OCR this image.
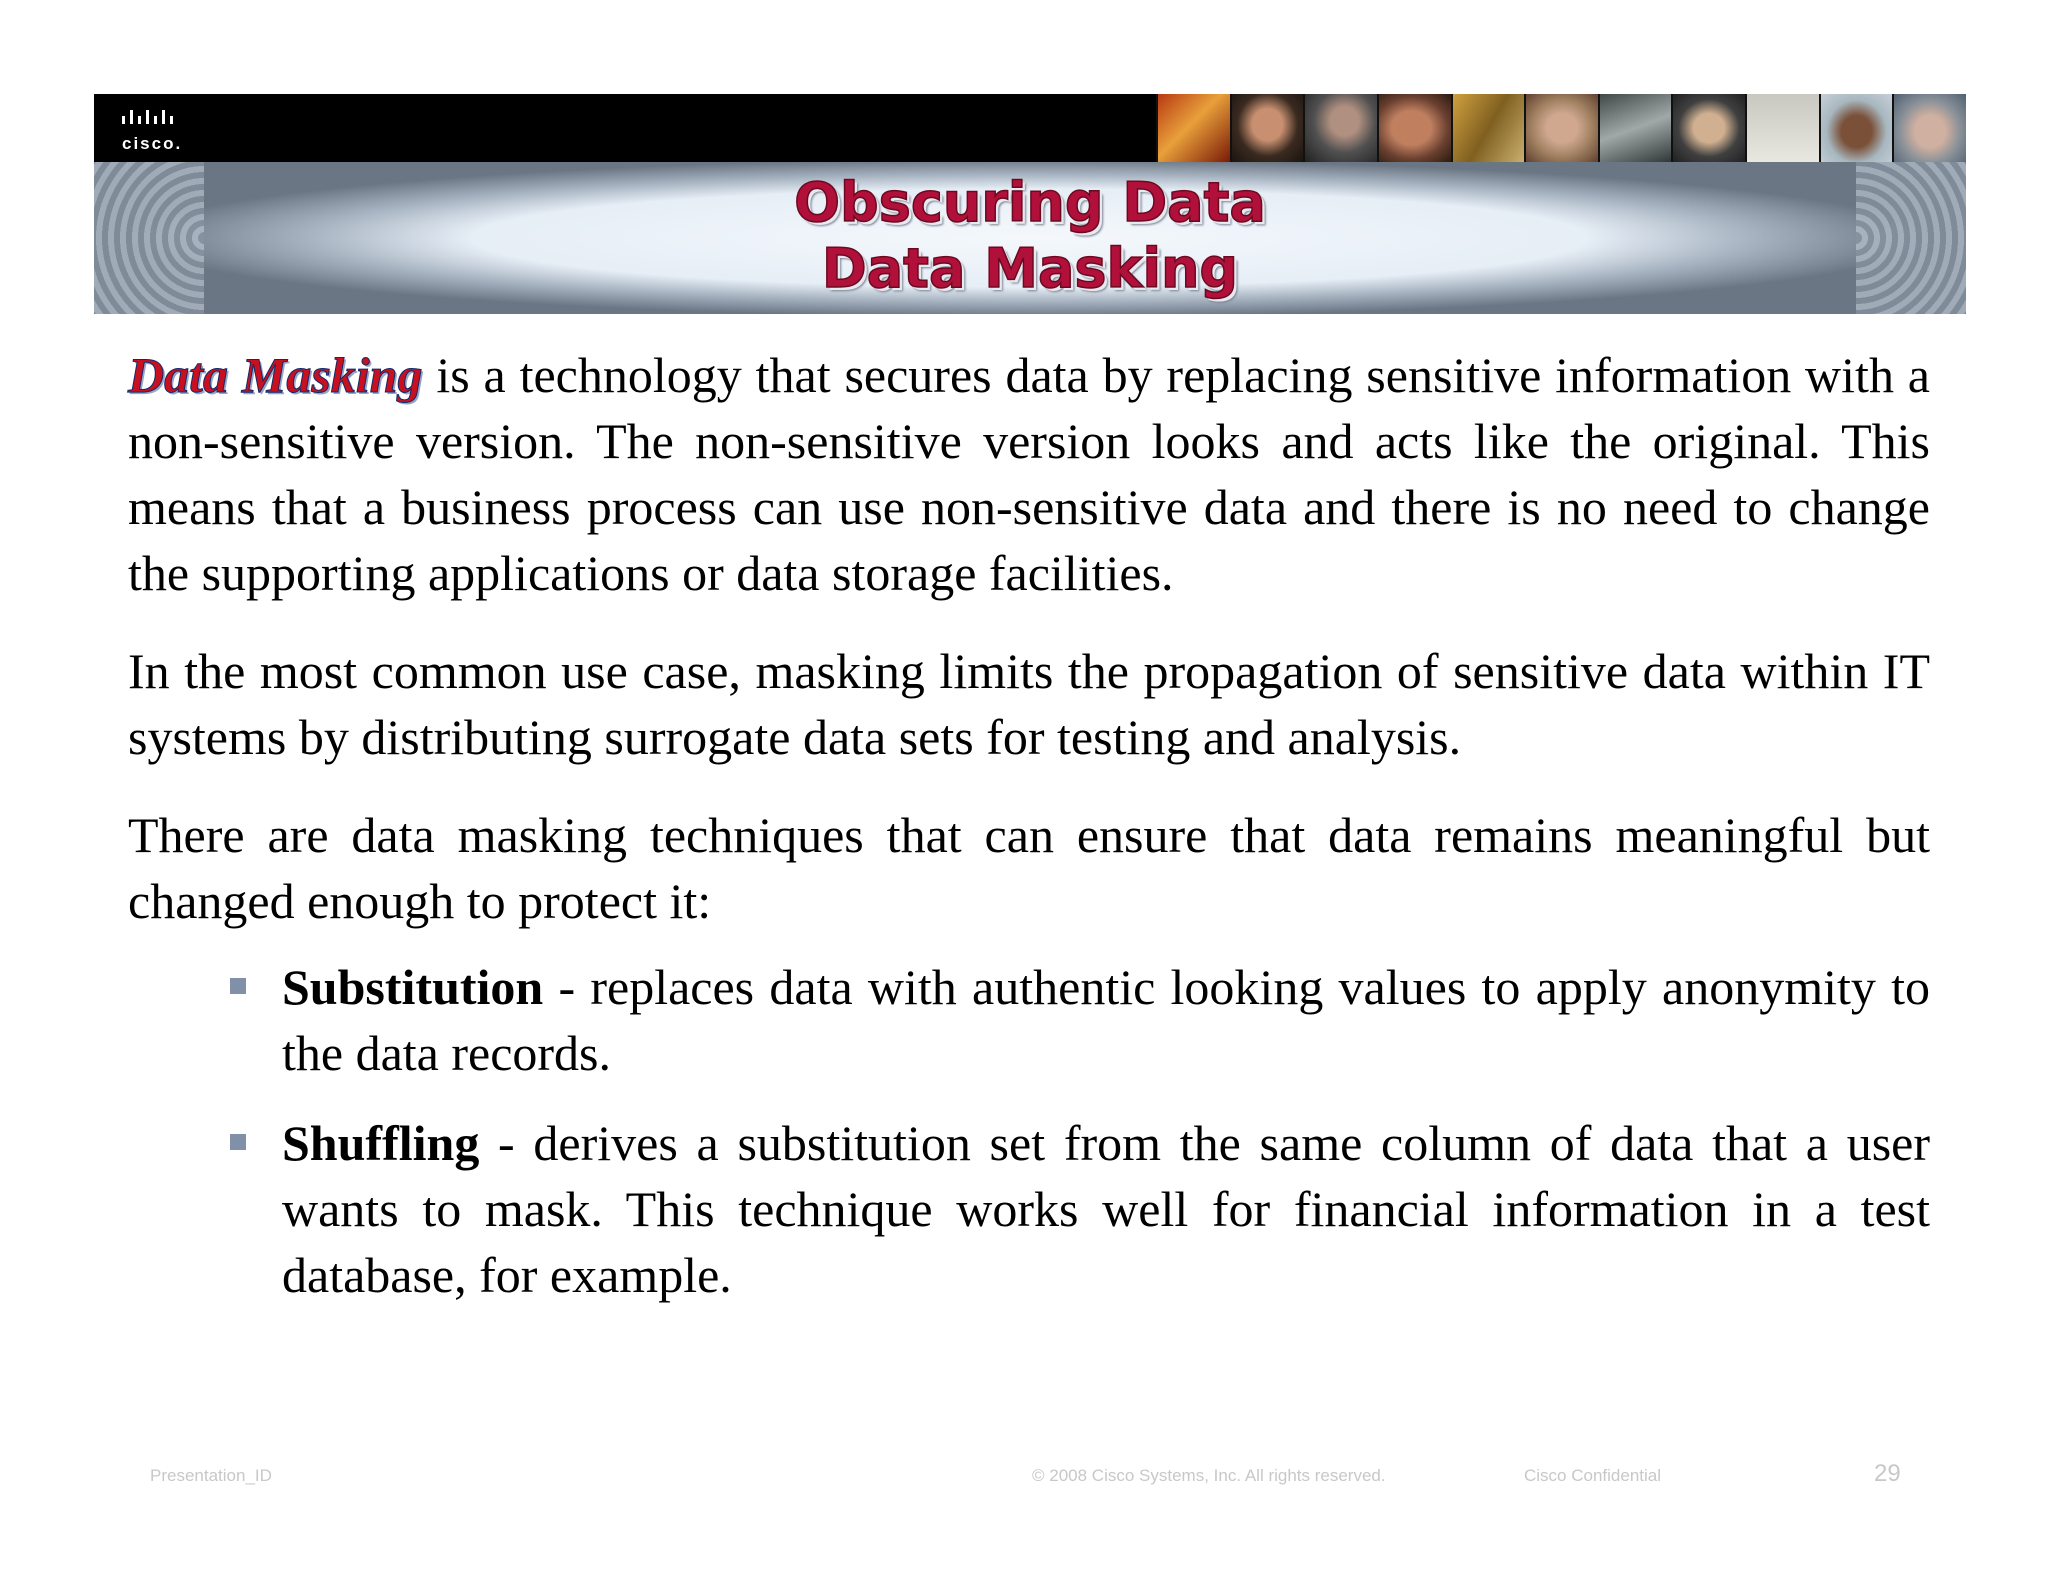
cisco.
Obscuring Data
Data Masking

Data Masking is a technology that secures data by replacing sensitive information with a non-sensitive version. The non-sensitive version looks and acts like the original. This means that a business process can use non-sensitive data and there is no need to change the supporting applications or data storage facilities.

In the most common use case, masking limits the propagation of sensitive data within IT systems by distributing surrogate data sets for testing and analysis.

There are data masking techniques that can ensure that data remains meaningful but changed enough to protect it:

Substitution - replaces data with authentic looking values to apply anonymity to the data records.
Shuffling - derives a substitution set from the same column of data that a user wants to mask. This technique works well for financial information in a test database, for example.
Presentation_ID	© 2008 Cisco Systems, Inc. All rights reserved.	Cisco Confidential	29
